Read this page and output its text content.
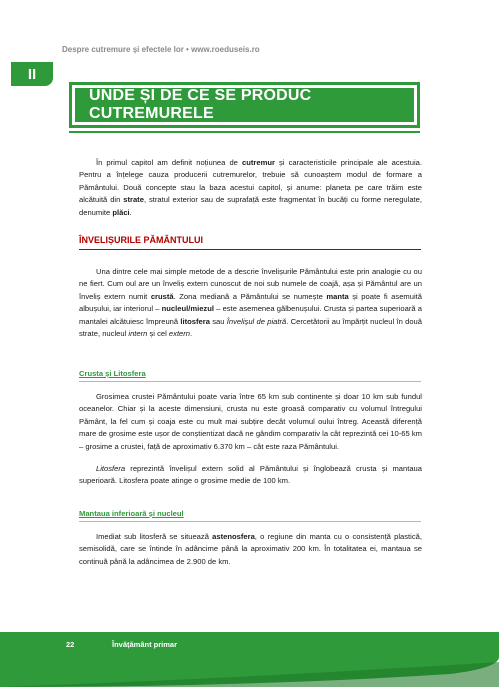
Despre cutremure și efectele lor • www.roeduseis.ro
II
UNDE ȘI DE CE SE PRODUC CUTREMURELE

În primul capitol am definit noțiunea de cutremur și caracteristicile principale ale acestuia. Pentru a înțelege cauza producerii cutremurelor, trebuie să cunoaștem modul de formare a Pământului. Două concepte stau la baza acestui capitol, și anume: planeta pe care trăim este alcătuită din strate, stratul exterior sau de suprafață este fragmentat în bucăți cu forme neregulate, denumite plăci.

ÎNVELIȘURILE PĂMÂNTULUI

Una dintre cele mai simple metode de a descrie învelișurile Pământului este prin analogie cu ou ne fiert. Cum oul are un înveliș extern cunoscut de noi sub numele de coajă, așa și Pământul are un înveliș extern numit crustă. Zona mediană a Pământului se numește manta și poate fi asemuită albușului, iar interiorul – nucleul/miezul – este asemenea gălbenușului. Crusta și partea superioară a mantalei alcătuiesc împreună litosfera sau Învelișul de piatră. Cercetătorii au împărțit nucleul în două strate, nucleul intern și cel extern.

Crusta și Litosfera

Grosimea crustei Pământului poate varia între 65 km sub continente și doar 10 km sub fundul oceanelor. Chiar și la aceste dimensiuni, crusta nu este groasă comparativ cu volumul întregului Pământ, la fel cum și coaja este cu mult mai subțire decât volumul oului întreg. Această diferență mare de grosime este ușor de conștientizat dacă ne gândim comparativ la cât reprezintă cei 10-65 km – grosime a crustei, față de aproximativ 6.370 km – cât este raza Pământului.

Litosfera reprezintă învelișul extern solid al Pământului și înglobează crusta și mantaua superioară. Litosfera poate atinge o grosime medie de 100 km.

Mantaua inferioară și nucleul

Imediat sub litosferă se situează astenosfera, o regiune din manta cu o consistență plastică, semisolidă, care se întinde în adâncime până la aproximativ 200 km. În totalitatea ei, mantaua se continuă până la adâncimea de 2.900 de km.

22	Învățământ primar
